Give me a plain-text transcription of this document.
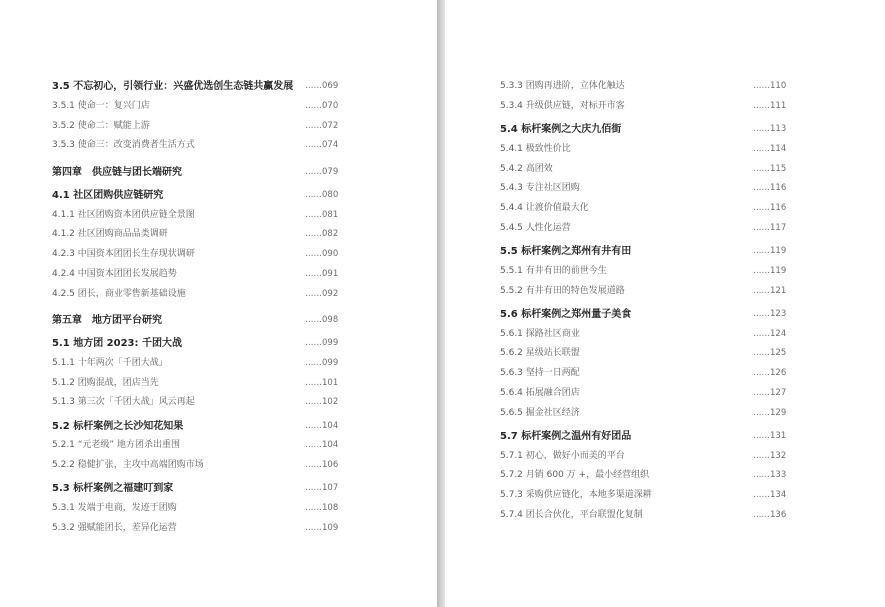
3.5 不忘初心，引领行业：兴盛优选创生态链共赢发展 ……069
3.5.1 使命一：复兴门店	……070
3.5.2 使命二：赋能上游	……072
3.5.3 使命三：改变消费者生活方式	……074
第四章　供应链与团长端研究	……079
4.1 社区团购供应链研究	……080
4.1.1 社区团购资本团供应链全景图	……081
4.1.2 社区团购商品品类调研	……082
4.2.3 中国资本团团长生存现状调研	……090
4.2.4 中国资本团团长发展趋势	……091
4.2.5 团长，商业零售新基础设施	……092
第五章　地方团平台研究	……098
5.1 地方团 2023: 千团大战	……099
5.1.1 十年两次「千团大战」	……099
5.1.2 团购混战，团店当先	……101
5.1.3 第三次「千团大战」风云再起	……102
5.2 标杆案例之长沙知花知果	……104
5.2.1 “元老级” 地方团杀出重围	……104
5.2.2 稳健扩张，主攻中高端团购市场	……106
5.3 标杆案例之福建叮到家	……107
5.3.1 发端于电商，发迹于团购	……108
5.3.2 强赋能团长，差异化运营	……109
5.3.3 团购再进阶，立体化触达	……110
5.3.4 升级供应链，对标开市客	……111
5.4 标杆案例之大庆九佰街	……113
5.4.1 极致性价比	……114
5.4.2 高团效	……115
5.4.3 专注社区团购	……116
5.4.4 让渡价值最大化	……116
5.4.5 人性化运营	……117
5.5 标杆案例之郑州有井有田	……119
5.5.1 有井有田的前世今生	……119
5.5.2 有井有田的特色发展道路	……121
5.6 标杆案例之郑州量子美食	……123
5.6.1 探路社区商业	……124
5.6.2 星级站长联盟	……125
5.6.3 坚持一日两配	……126
5.6.4 拓展融合团店	……127
5.6.5 掘金社区经济	……129
5.7 标杆案例之温州有好团品	……131
5.7.1 初心，做好小而美的平台	……132
5.7.2 月销 600 万 +，最小经营组织	……133
5.7.3 采购供应链化，本地多渠道深耕	……134
5.7.4 团长合伙化，平台联盟化复制	……136
